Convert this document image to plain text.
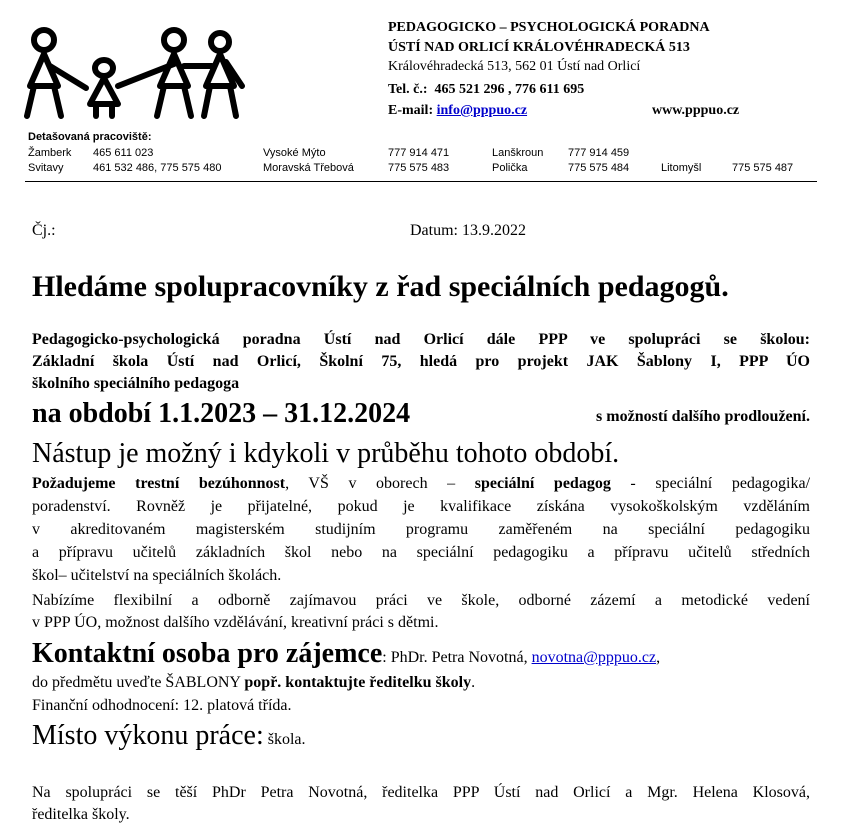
PEDAGOGICKO – PSYCHOLOGICKÁ PORADNA
ÚSTÍ NAD ORLICÍ KRÁLOVÉHRADECKÁ 513
Královéhradecká 513, 562 01 Ústí nad Orlicí
Tel. č.: 465 521 296 , 776 611 695
E-mail: info@pppuo.cz	www.pppuo.cz
Detašovaná pracoviště:
Žamberk 465 611 023	Vysoké Mýto	777 914 471	Lanškroun 777 914 459
Svitavy	461 532 486, 775 575 480	Moravská Třebová	775 575 483	Polička	775 575 484	Litomyšl	775 575 487
Čj.:	Datum: 13.9.2022
Hledáme spolupracovníky z řad speciálních pedagogů.
Pedagogicko-psychologická poradna Ústí nad Orlicí dále PPP ve spolupráci se školou:
Základní škola Ústí nad Orlicí, Školní 75, hledá pro projekt JAK Šablony I, PPP ÚO
školního speciálního pedagoga
na období 1.1.2023 – 31.12.2024	s možností dalšího prodloužení.
Nástup je možný i kdykoli v průběhu tohoto období.
Požadujeme trestní bezúhonnost, VŠ v oborech – speciální pedagog - speciální pedagogika/
poradenství. Rovněž je přijatelné, pokud je kvalifikace získána vysokoškolským vzděláním
v akreditovaném magisterském studijním programu zaměřeném na speciální pedagogiku
a přípravu učitelů základních škol nebo na speciální pedagogiku a přípravu učitelů středních
škol– učitelství na speciálních školách.
Nabízíme flexibilní a odborně zajímavou práci ve škole, odborné zázemí a metodické vedení
v PPP ÚO, možnost dalšího vzdělávání, kreativní práci s dětmi.
Kontaktní osoba pro zájemce: PhDr. Petra Novotná, novotna@pppuo.cz,
do předmětu uveďte ŠABLONY popř. kontaktujte ředitelku školy.
Finanční odhodnocení: 12. platová třída.
Místo výkonu práce: škola.
Na spolupráci se těší PhDr Petra Novotná, ředitelka PPP Ústí nad Orlicí a Mgr. Helena Klosová,
ředitelka školy.
